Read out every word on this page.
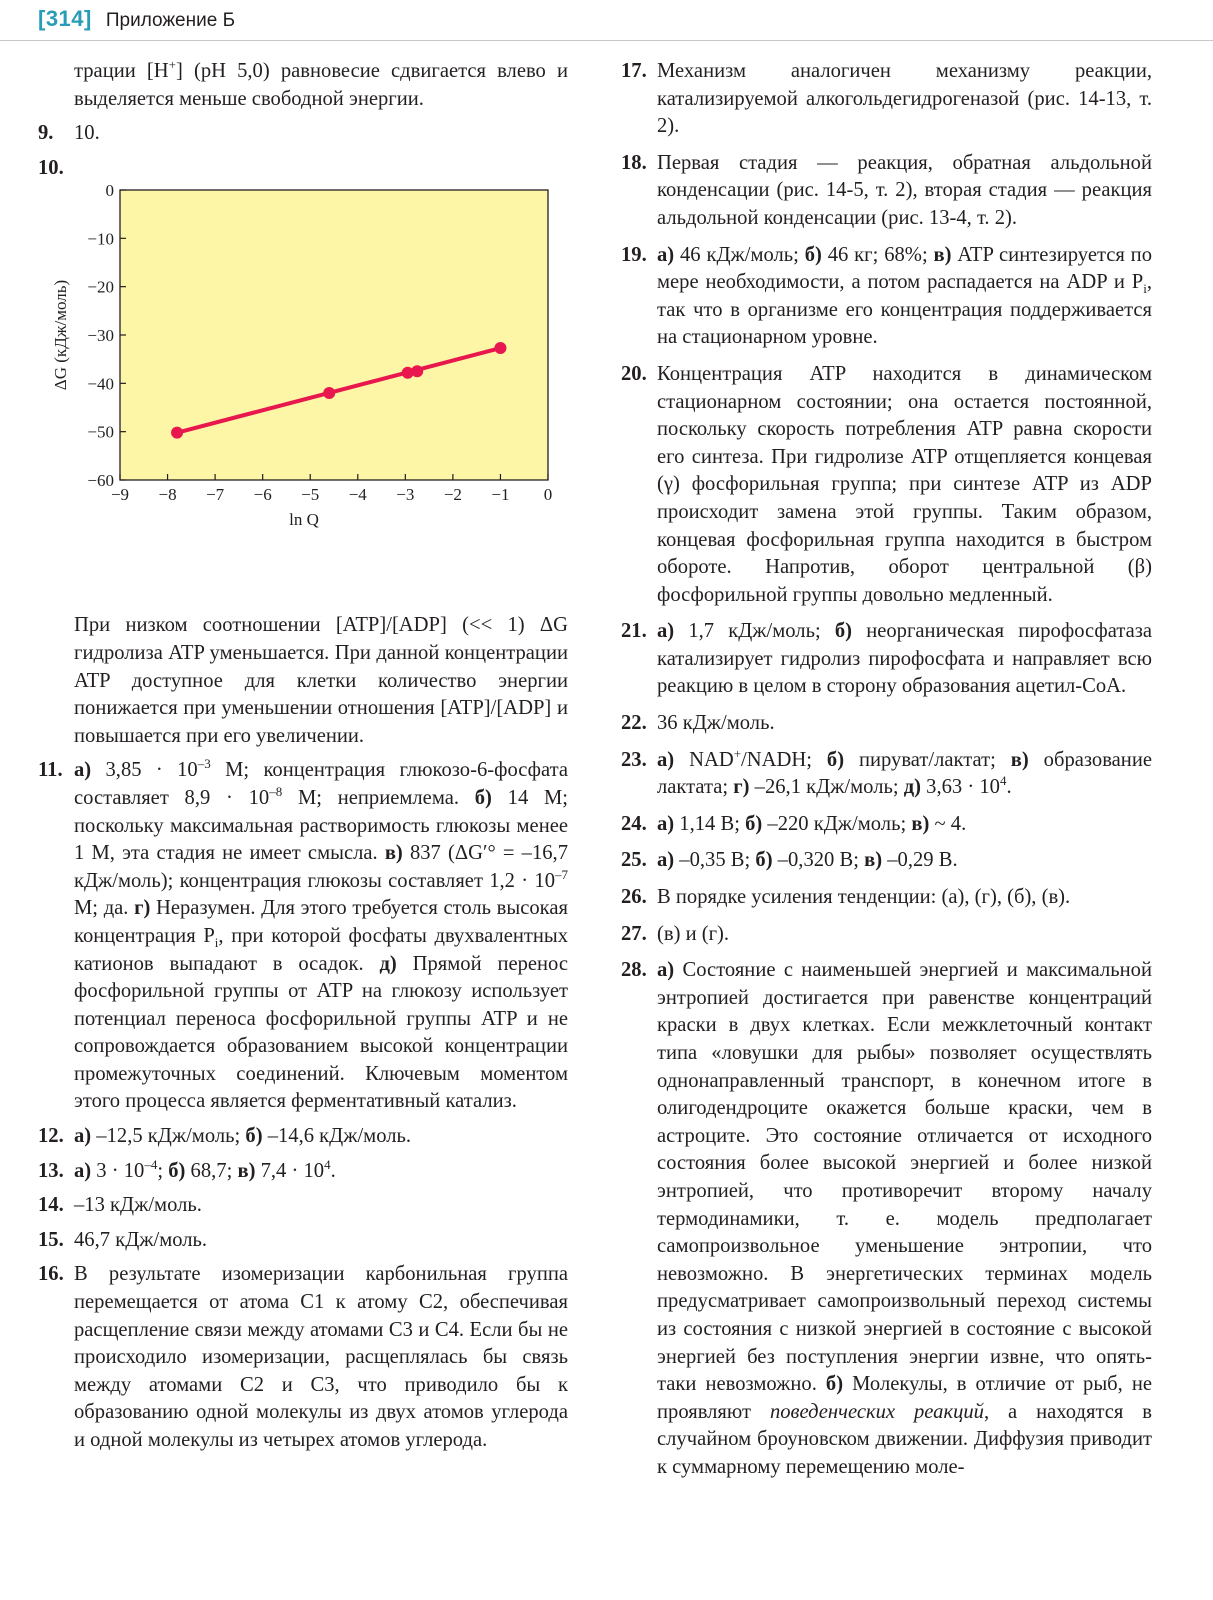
[314] Приложение Б
трации [H+] (pH 5,0) равновесие сдвигается влево и выделяется меньше свободной энергии.
9. 10.
10.
−9 −8 −7 −6 −5 −4 −3 −2 −1 0
0
−10
−20
−30
−40
−50
−60
ln Q
ΔG (кДж/моль)
При низком соотношении [ATP]/[ADP] (<< 1) ΔG гидролиза ATP уменьшается. При данной концентрации ATP доступное для клетки количество энергии понижается при уменьшении отношения [ATP]/[ADP] и повышается при его увеличении.
11. а) $3,85 \cdot 10^{-3}$ М; концентрация глюкозо-6-фосфата составляет $8,9 \cdot 10^{-8}$ М; неприемлема. б) 14 М; поскольку максимальная растворимость глюкозы менее 1 М, эта стадия не имеет смысла. в) 837 (ΔG′° = –16,7 кДж/моль); концентрация глюкозы составляет $1,2 \cdot 10^{-7}$ М; да. г) Неразумен. Для этого требуется столь высокая концентрация $P_i$, при которой фосфаты двухвалентных катионов выпадают в осадок. д) Прямой перенос фосфорильной группы от ATP на глюкозу использует потенциал переноса фосфорильной группы ATP и не сопровождается образованием высокой концентрации промежуточных соединений. Ключевым моментом этого процесса является ферментативный катализ.
12. а) –12,5 кДж/моль; б) –14,6 кДж/моль.
13. а) $3 \cdot 10^{-4}$; б) 68,7; в) $7,4 \cdot 10^4$.
14. –13 кДж/моль.
15. 46,7 кДж/моль.
16. В результате изомеризации карбонильная группа перемещается от атома C1 к атому C2, обеспечивая расщепление связи между атомами C3 и C4. Если бы не происходило изомеризации, расщеплялась бы связь между атомами C2 и C3, что приводило бы к образованию одной молекулы из двух атомов углерода и одной молекулы из четырех атомов углерода.
17. Механизм аналогичен механизму реакции, катализируемой алкогольдегидрогеназой (рис. 14-13, т. 2).
18. Первая стадия — реакция, обратная альдольной конденсации (рис. 14-5, т. 2), вторая стадия — реакция альдольной конденсации (рис. 13-4, т. 2).
19. а) 46 кДж/моль; б) 46 кг; 68%; в) ATP синтезируется по мере необходимости, а потом распадается на ADP и $P_i$, так что в организме его концентрация поддерживается на стационарном уровне.
20. Концентрация ATP находится в динамическом стационарном состоянии; она остается постоянной, поскольку скорость потребления ATP равна скорости его синтеза. При гидролизе ATP отщепляется концевая (γ) фосфорильная группа; при синтезе ATP из ADP происходит замена этой группы. Таким образом, концевая фосфорильная группа находится в быстром обороте. Напротив, оборот центральной (β) фосфорильной группы довольно медленный.
21. а) 1,7 кДж/моль; б) неорганическая пирофосфатаза катализирует гидролиз пирофосфата и направляет всю реакцию в целом в сторону образования ацетил-CoA.
22. 36 кДж/моль.
23. а) NAD+/NADH; б) пируват/лактат; в) образование лактата; г) –26,1 кДж/моль; д) $3,63 \cdot 10^4$.
24. а) 1,14 В; б) –220 кДж/моль; в) ~ 4.
25. а) –0,35 В; б) –0,320 В; в) –0,29 В.
26. В порядке усиления тенденции: (а), (г), (б), (в).
27. (в) и (г).
28. а) Состояние с наименьшей энергией и максимальной энтропией достигается при равенстве концентраций краски в двух клетках. Если межклеточный контакт типа «ловушки для рыбы» позволяет осуществлять однонаправленный транспорт, в конечном итоге в олигодендроците окажется больше краски, чем в астроците. Это состояние отличается от исходного состояния более высокой энергией и более низкой энтропией, что противоречит второму началу термодинамики, т. е. модель предполагает самопроизвольное уменьшение энтропии, что невозможно. В энергетических терминах модель предусматривает самопроизвольный переход системы из состояния с низкой энергией в состояние с высокой энергией без поступления энергии извне, что опять-таки невозможно. б) Молекулы, в отличие от рыб, не проявляют поведенческих реакций, а находятся в случайном броуновском движении. Диффузия приводит к суммарному перемещению моле-
